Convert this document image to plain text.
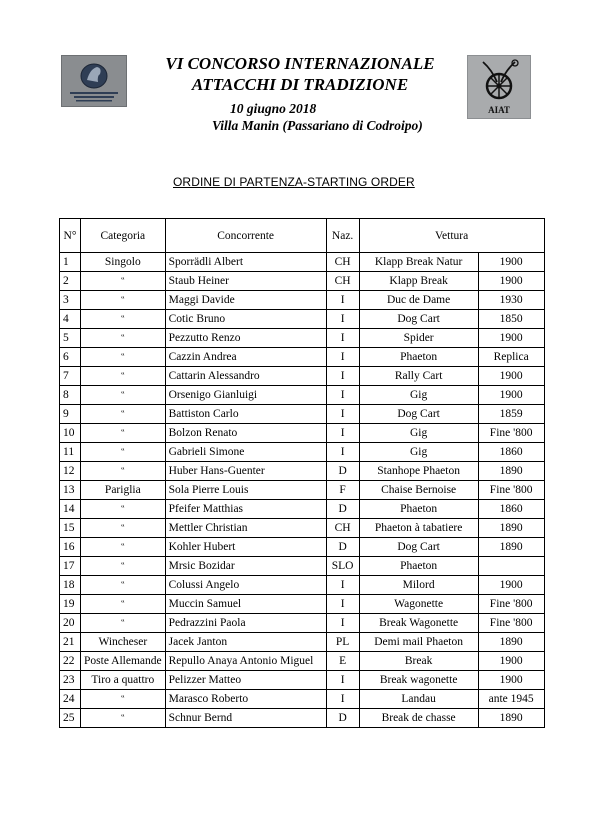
VI CONCORSO INTERNAZIONALE
ATTACCHI DI TRADIZIONE
10 giugno 2018
Villa Manin (Passariano di Codroipo)
AIAT
ORDINE DI PARTENZA-STARTING ORDER
N°	Categoria	Concorrente	Naz.	Vettura	
1	Singolo	Sporrädli Albert	CH	Klapp Break Natur	1900
2	‟	Staub Heiner	CH	Klapp Break	1900
3	‟	Maggi Davide	I	Duc de Dame	1930
4	‟	Cotic Bruno	I	Dog Cart	1850
5	‟	Pezzutto Renzo	I	Spider	1900
6	‟	Cazzin Andrea	I	Phaeton	Replica
7	‟	Cattarin Alessandro	I	Rally Cart	1900
8	‟	Orsenigo Gianluigi	I	Gig	1900
9	‟	Battiston Carlo	I	Dog Cart	1859
10	‟	Bolzon Renato	I	Gig	Fine '800
11	‟	Gabrieli Simone	I	Gig	1860
12	‟	Huber Hans-Guenter	D	Stanhope Phaeton	1890
13	Pariglia	Sola Pierre Louis	F	Chaise Bernoise	Fine '800
14	‟	Pfeifer Matthias	D	Phaeton	1860
15	‟	Mettler Christian	CH	Phaeton à tabatiere	1890
16	‟	Kohler Hubert	D	Dog Cart	1890
17	‟	Mrsic Bozidar	SLO	Phaeton	
18	‟	Colussi Angelo	I	Milord	1900
19	‟	Muccin Samuel	I	Wagonette	Fine '800
20	‟	Pedrazzini Paola	I	Break Wagonette	Fine '800
21	Wincheser	Jacek Janton	PL	Demi mail Phaeton	1890
22	Poste Allemande	Repullo Anaya Antonio Miguel	E	Break	1900
23	Tiro a quattro	Pelizzer Matteo	I	Break wagonette	1900
24	‟	Marasco Roberto	I	Landau	ante 1945
25	‟	Schnur Bernd	D	Break de chasse	1890
